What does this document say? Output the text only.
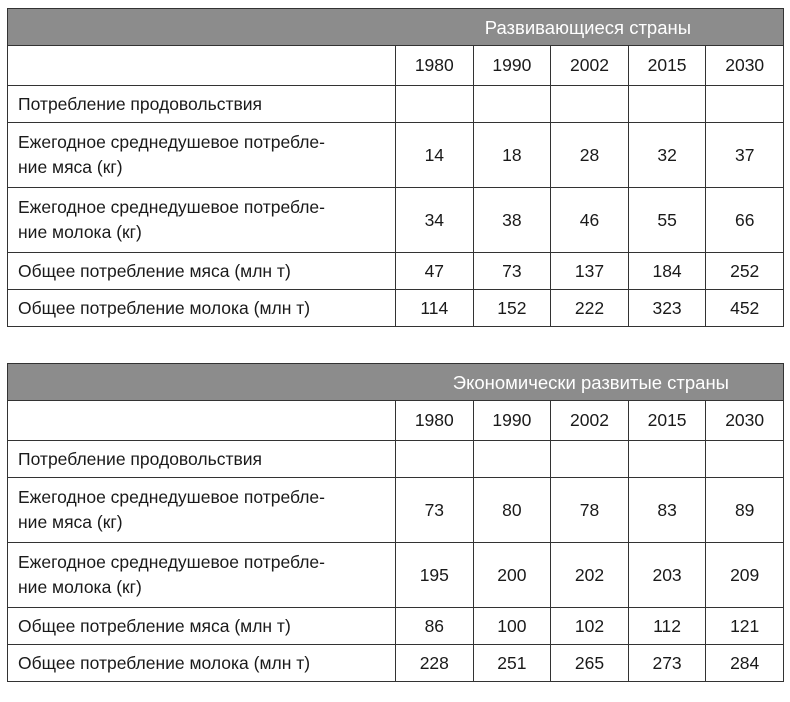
	Развивающиеся страны				
	1980	1990	2002	2015	2030
Потребление продовольствия					

Ежегодное среднедушевое потребле-
ние мяса (кг)	14	18	28	32	37

Ежегодное среднедушевое потребле-
ние молока (кг)	34	38	46	55	66
Общее потребление мяса (млн т)	47	73	137	184	252
Общее потребление молока (млн т)	114	152	222	323	452
	Экономически развитые страны				
	1980	1990	2002	2015	2030
Потребление продовольствия					

Ежегодное среднедушевое потребле-
ние мяса (кг)	73	80	78	83	89

Ежегодное среднедушевое потребле-
ние молока (кг)	195	200	202	203	209
Общее потребление мяса (млн т)	86	100	102	112	121
Общее потребление молока (млн т)	228	251	265	273	284
